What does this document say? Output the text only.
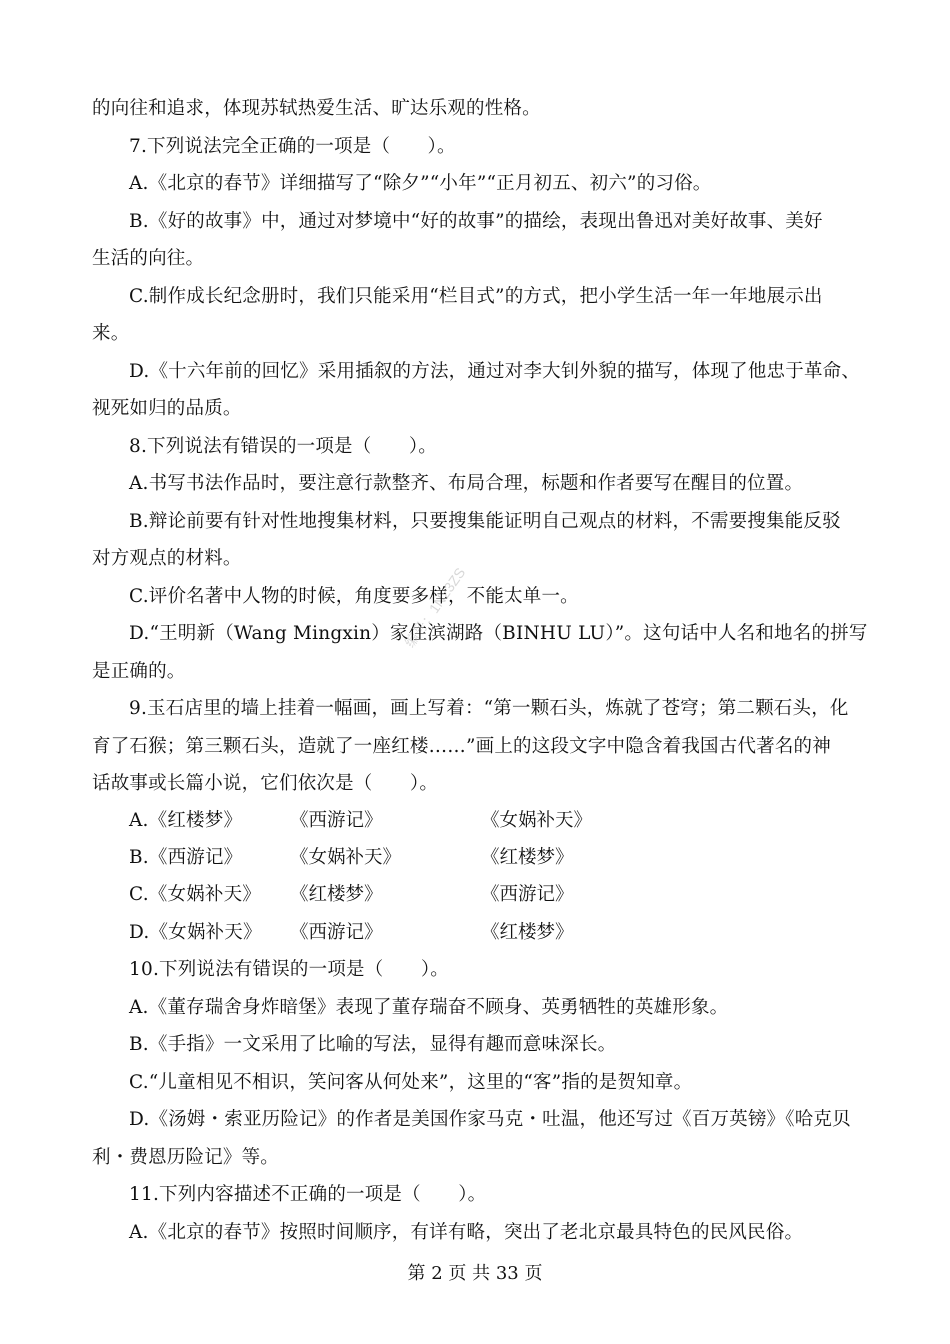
编号：1N23ZS
的向往和追求，体现苏轼热爱生活、旷达乐观的性格。
7.下列说法完全正确的一项是（　　）。
A.《北京的春节》详细描写了“除夕”“小年”“正月初五、初六”的习俗。
B.《好的故事》中，通过对梦境中“好的故事”的描绘，表现出鲁迅对美好故事、美好
生活的向往。
C.制作成长纪念册时，我们只能采用“栏目式”的方式，把小学生活一年一年地展示出
来。
D.《十六年前的回忆》采用插叙的方法，通过对李大钊外貌的描写，体现了他忠于革命、
视死如归的品质。
8.下列说法有错误的一项是（　　）。
A.书写书法作品时，要注意行款整齐、布局合理，标题和作者要写在醒目的位置。
B.辩论前要有针对性地搜集材料，只要搜集能证明自己观点的材料，不需要搜集能反驳
对方观点的材料。
C.评价名著中人物的时候，角度要多样，不能太单一。
D.“王明新（Wang Mingxin）家住滨湖路（BINHU LU）”。这句话中人名和地名的拼写
是正确的。
9.玉石店里的墙上挂着一幅画，画上写着：“第一颗石头，炼就了苍穹；第二颗石头，化
育了石猴；第三颗石头，造就了一座红楼……”画上的这段文字中隐含着我国古代著名的神
话故事或长篇小说，它们依次是（　　）。
A.《红楼梦》	《西游记》	《女娲补天》
B.《西游记》	《女娲补天》	《红楼梦》
C.《女娲补天》 《红楼梦》	《西游记》
D.《女娲补天》 《西游记》	《红楼梦》
10.下列说法有错误的一项是（　　）。
A.《董存瑞舍身炸暗堡》表现了董存瑞奋不顾身、英勇牺牲的英雄形象。
B.《手指》一文采用了比喻的写法，显得有趣而意味深长。
C.“儿童相见不相识，笑问客从何处来”，这里的“客”指的是贺知章。
D.《汤姆・索亚历险记》的作者是美国作家马克・吐温，他还写过《百万英镑》《哈克贝
利・费恩历险记》等。
11.下列内容描述不正确的一项是（　　）。
A.《北京的春节》按照时间顺序，有详有略，突出了老北京最具特色的民风民俗。
第 2 页 共 33 页
